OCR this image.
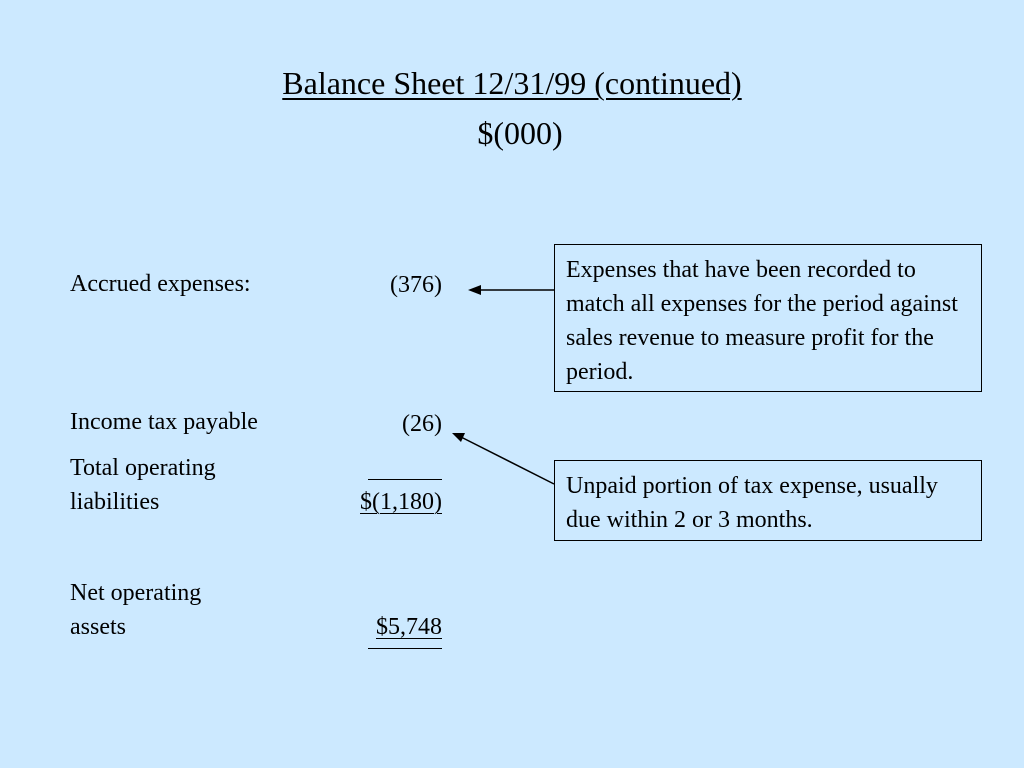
Balance Sheet 12/31/99 (continued)
$(000)
Accrued expenses:	(376)
Income tax payable	(26)
Total operating
liabilities	$(1,180)
Net operating
assets	$5,748
Expenses that have been recorded to match all expenses for the period against sales revenue to measure profit for the period.
Unpaid portion of tax expense, usually due within 2 or 3 months.
